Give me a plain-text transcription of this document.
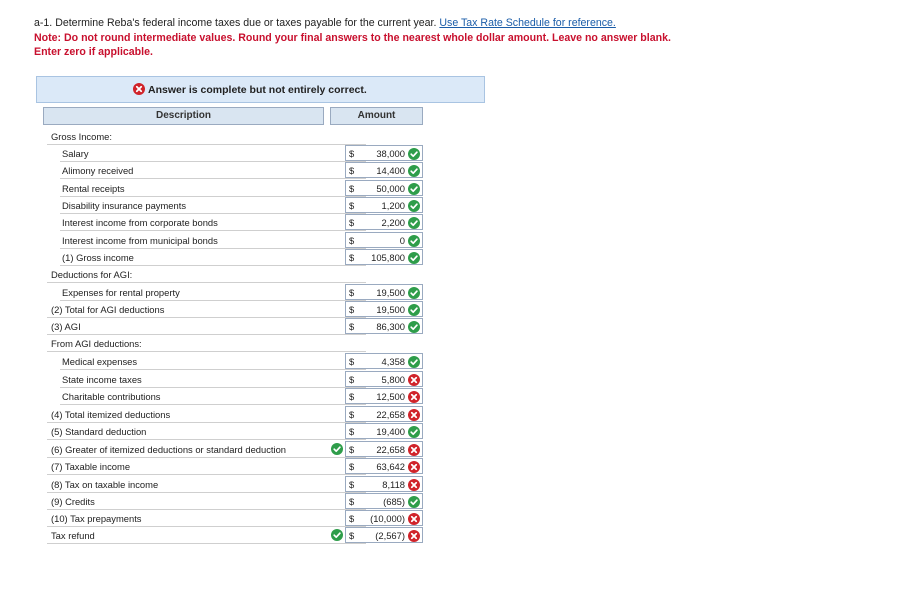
a-1. Determine Reba's federal income taxes due or taxes payable for the current year. Use Tax Rate Schedule for reference.
Note: Do not round intermediate values. Round your final answers to the nearest whole dollar amount. Leave no answer blank.
Enter zero if applicable.
Answer is complete but not entirely correct.
Description	Amount
Gross Income:
Salary	$ 38,000
Alimony received	$ 14,400
Rental receipts	$ 50,000
Disability insurance payments	$	1,200
Interest income from corporate bonds	$	2,200
Interest income from municipal bonds	$	0
(1) Gross income	$ 105,800
Deductions for AGI:
Expenses for rental property	$ 19,500
(2) Total for AGI deductions	$ 19,500
(3) AGI	$ 86,300
From AGI deductions:
Medical expenses	$	4,358
State income taxes	$	5,800
Charitable contributions	$ 12,500
(4) Total itemized deductions	$ 22,658
(5) Standard deduction	$ 19,400
(6) Greater of itemized deductions or standard deduction	$ 22,658
(7) Taxable income	$ 63,642
(8) Tax on taxable income	$	8,118
(9) Credits	$	(685)
(10) Tax prepayments	$ (10,000)
Tax refund	$ (2,567)
